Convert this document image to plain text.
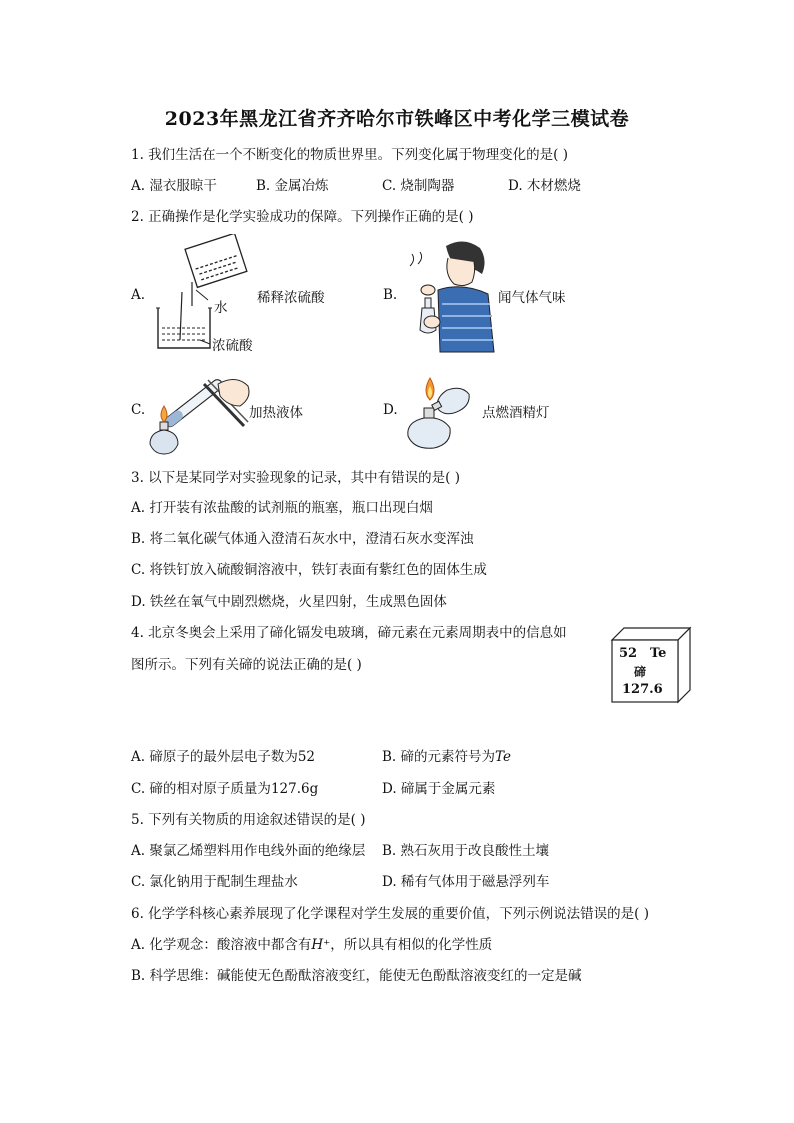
2023年黑龙江省齐齐哈尔市铁峰区中考化学三模试卷
1. 我们生活在一个不断变化的物质世界里。下列变化属于物理变化的是( )
A. 湿衣服晾干	B. 金属冶炼	C. 烧制陶器	D. 木材燃烧
2. 正确操作是化学实验成功的保障。下列操作正确的是( )
A.
水
浓硫酸
稀释浓硫酸	B.	闻气体气味
C.	加热液体	D.	点燃酒精灯
3. 以下是某同学对实验现象的记录，其中有错误的是( )
A. 打开装有浓盐酸的试剂瓶的瓶塞，瓶口出现白烟
B. 将二氧化碳气体通入澄清石灰水中，澄清石灰水变浑浊
C. 将铁钉放入硫酸铜溶液中，铁钉表面有紫红色的固体生成
D. 铁丝在氧气中剧烈燃烧，火星四射，生成黑色固体
4. 北京冬奥会上采用了碲化镉发电玻璃，碲元素在元素周期表中的信息如
图所示。下列有关碲的说法正确的是( )
52 Te
碲
127.6
A. 碲原子的最外层电子数为52	B. 碲的元素符号为Te
C. 碲的相对原子质量为127.6g	D. 碲属于金属元素
5. 下列有关物质的用途叙述错误的是( )
A. 聚氯乙烯塑料用作电线外面的绝缘层 B. 熟石灰用于改良酸性土壤
C. 氯化钠用于配制生理盐水	D. 稀有气体用于磁悬浮列车
6. 化学学科核心素养展现了化学课程对学生发展的重要价值，下列示例说法错误的是( )
A. 化学观念：酸溶液中都含有H⁺，所以具有相似的化学性质
B. 科学思维：碱能使无色酚酞溶液变红，能使无色酚酞溶液变红的一定是碱
